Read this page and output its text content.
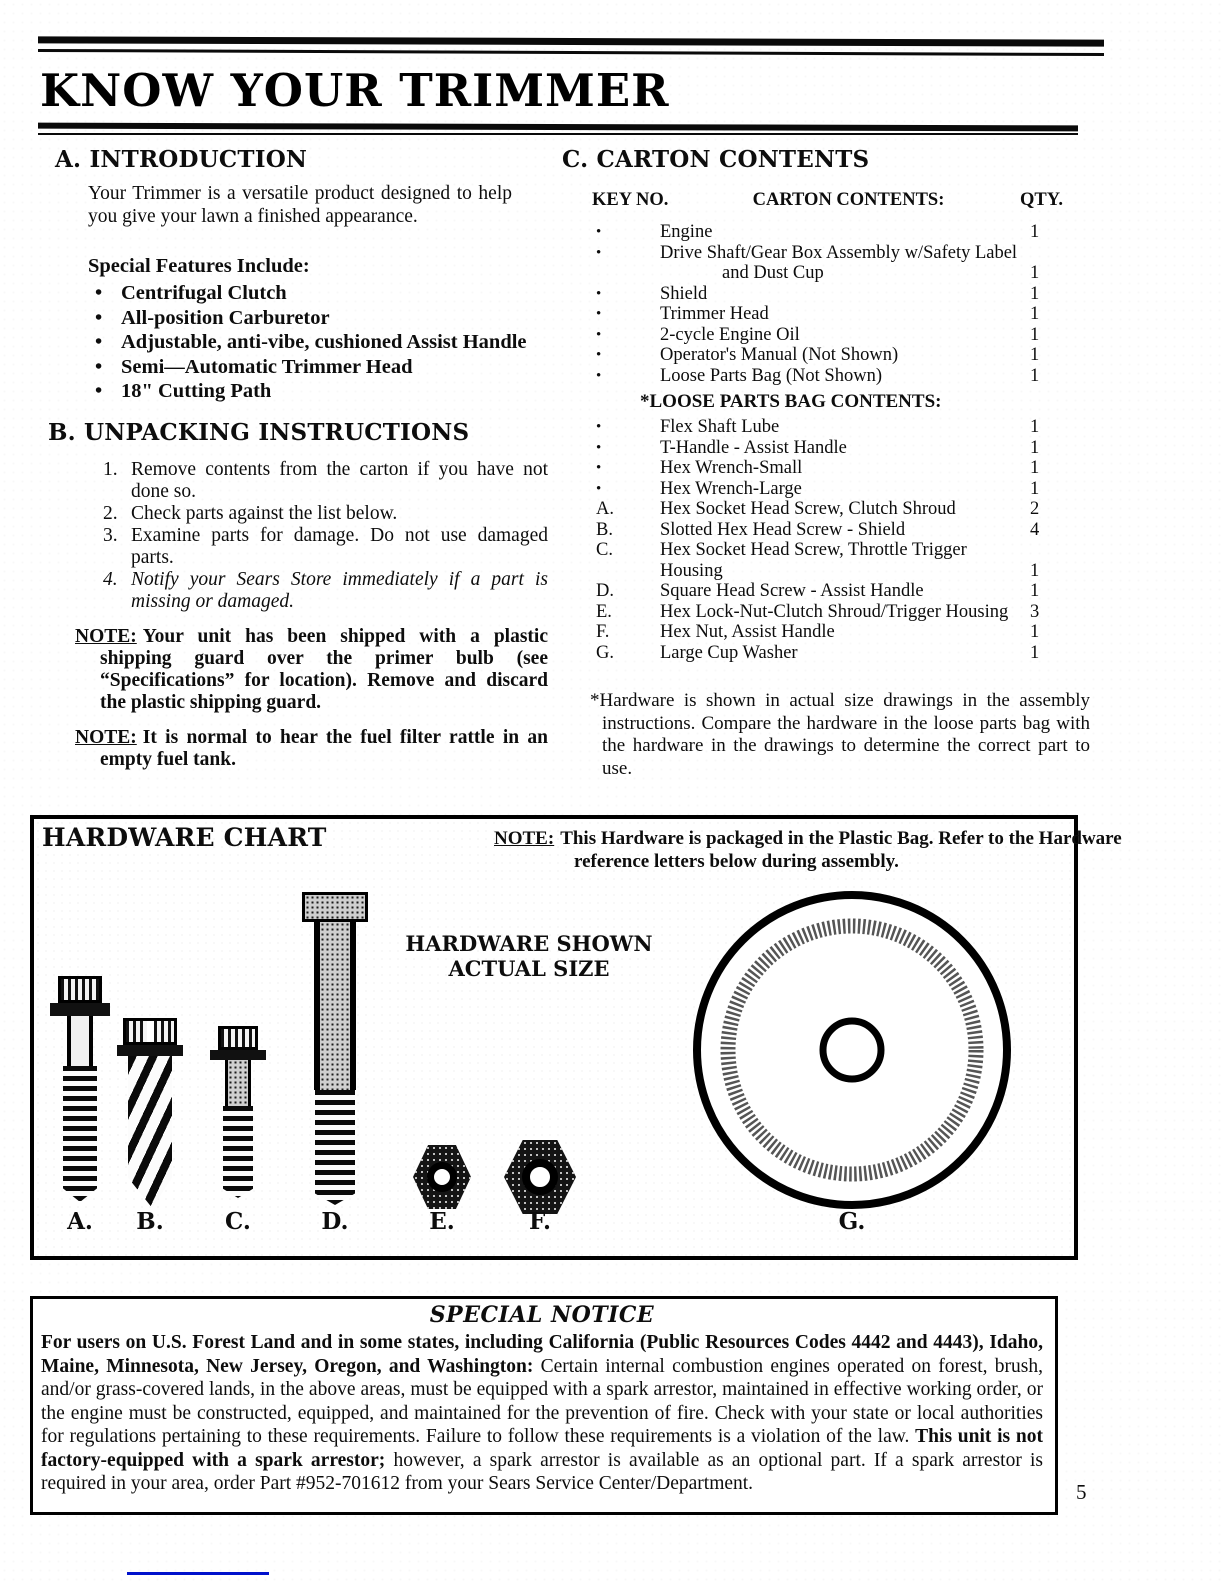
KNOW YOUR TRIMMER
A. INTRODUCTION

Your Trimmer is a versatile product designed to help you give your lawn a finished appearance.

Special Features Include:
• Centrifugal Clutch
• All-position Carburetor
• Adjustable, anti-vibe, cushioned Assist Handle
• Semi—Automatic Trimmer Head
• 18" Cutting Path
B. UNPACKING INSTRUCTIONS
1. Remove contents from the carton if you have not done so.
2. Check parts against the list below.
3. Examine parts for damage. Do not use damaged parts.
4. Notify your Sears Store immediately if a part is missing or damaged.

NOTE: Your unit has been shipped with a plastic shipping guard over the primer bulb (see “Specifications” for location). Remove and discard the plastic shipping guard.

NOTE: It is normal to hear the fuel filter rattle in an empty fuel tank.

C. CARTON CONTENTS
KEY NO.	CARTON CONTENTS:	QTY.
•	Engine	1
•	Drive Shaft/Gear Box Assembly w/Safety Label
and Dust Cup	1
•	Shield	1
•	Trimmer Head	1
•	2-cycle Engine Oil	1
•	Operator's Manual (Not Shown)	1
•	Loose Parts Bag (Not Shown)	1
*LOOSE PARTS BAG CONTENTS:
•	Flex Shaft Lube	1
•	T-Handle - Assist Handle	1
•	Hex Wrench-Small	1
•	Hex Wrench-Large	1
A.	Hex Socket Head Screw, Clutch Shroud	2
B.	Slotted Hex Head Screw - Shield	4
C.	Hex Socket Head Screw, Throttle Trigger Housing	1
D.	Square Head Screw - Assist Handle	1
E.	Hex Lock-Nut-Clutch Shroud/Trigger Housing	3
F.	Hex Nut, Assist Handle	1
G.	Large Cup Washer	1

*Hardware is shown in actual size drawings in the assembly instructions. Compare the hardware in the loose parts bag with the hardware in the drawings to determine the correct part to use.

HARDWARE CHART	NOTE: This Hardware is packaged in the Plastic Bag. Refer to the Hardware reference letters below during assembly.
HARDWARE SHOWN
ACTUAL SIZE
A.	B.	C.	D.	E.	F.	G.
SPECIAL NOTICE

For users on U.S. Forest Land and in some states, including California (Public Resources Codes 4442 and 4443), Idaho, Maine, Minnesota, New Jersey, Oregon, and Washington: Certain internal combustion engines operated on forest, brush, and/or grass-covered lands, in the above areas, must be equipped with a spark arrestor, maintained in effective working order, or the engine must be constructed, equipped, and maintained for the prevention of fire. Check with your state or local authorities for regulations pertaining to these requirements. Failure to follow these requirements is a violation of the law. This unit is not factory-equipped with a spark arrestor; however, a spark arrestor is available as an optional part. If a spark arrestor is required in your area, order Part #952-701612 from your Sears Service Center/Department.	5
